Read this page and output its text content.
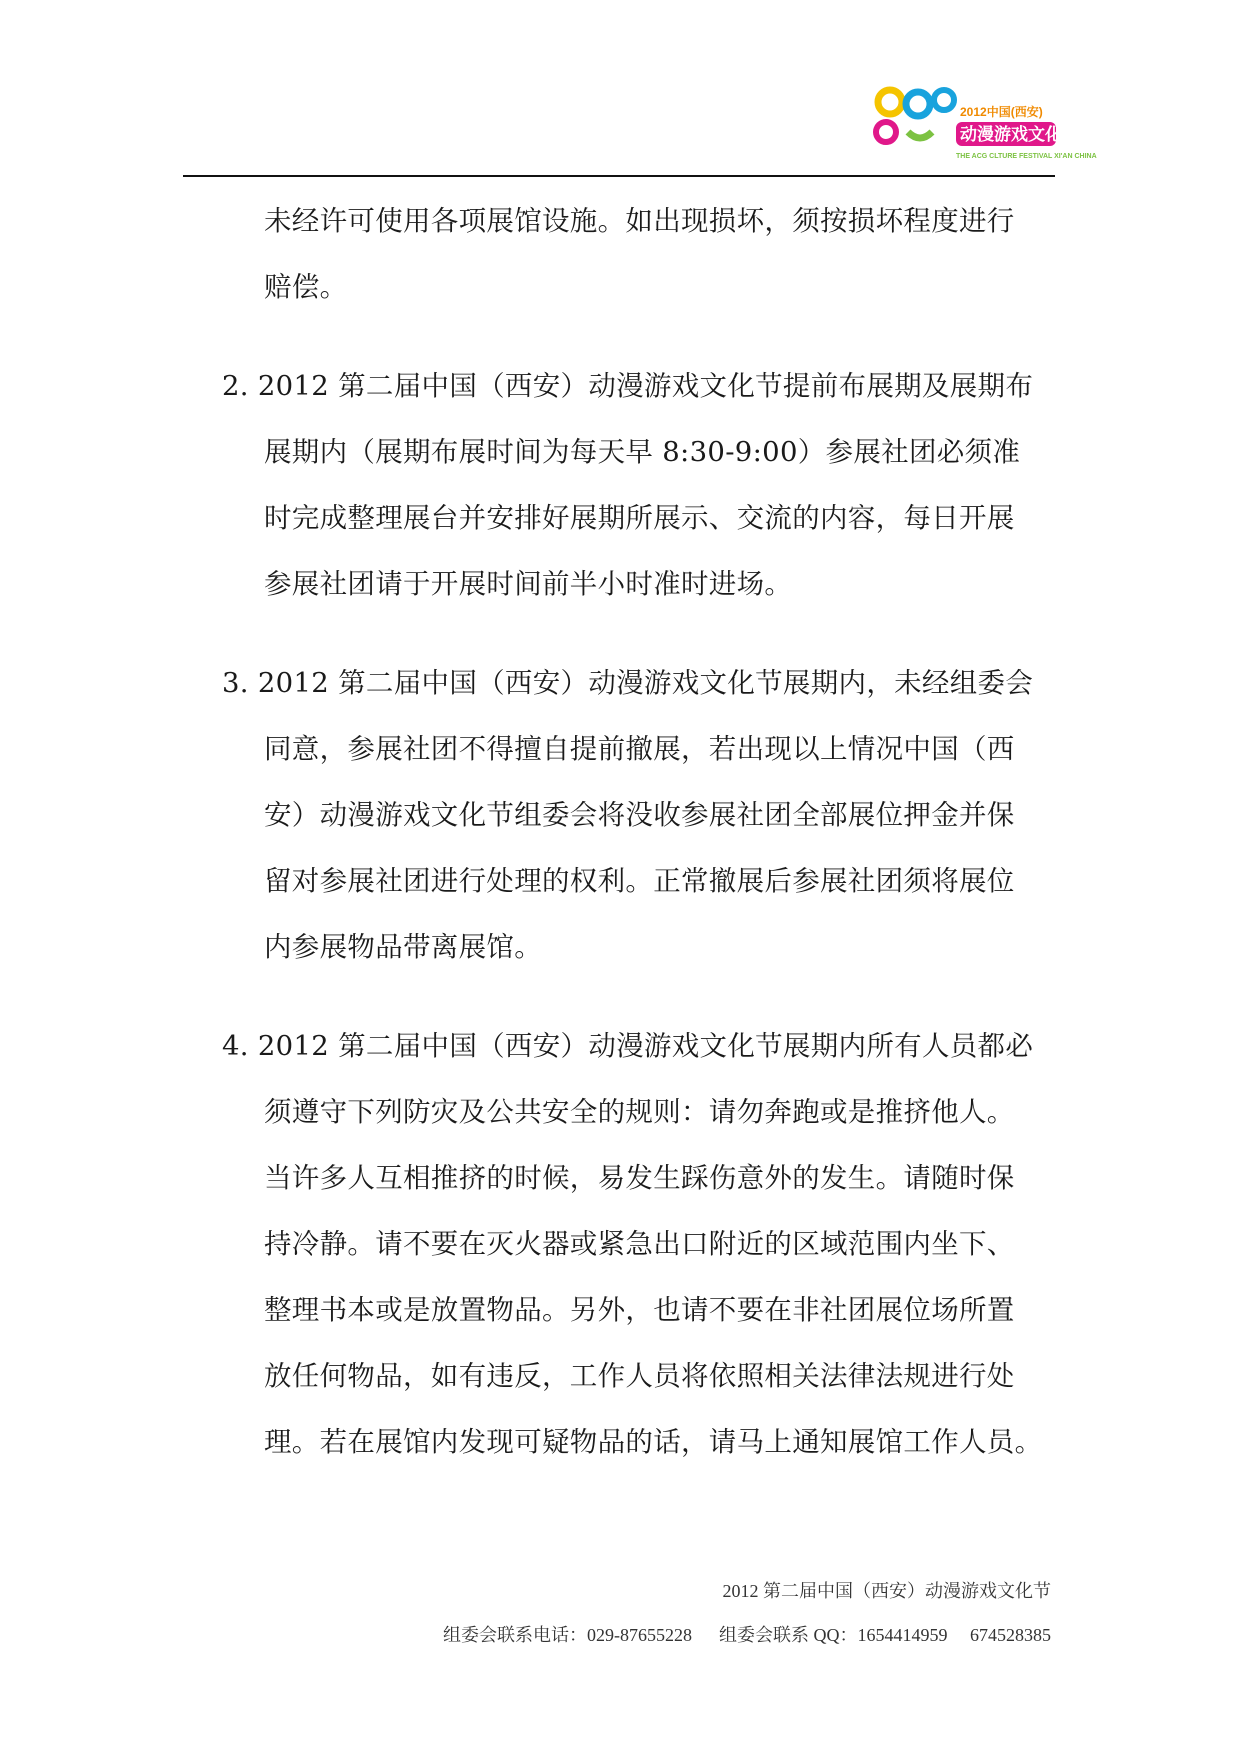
2012中国(西安)
动漫游戏文化节
THE ACG CLTURE FESTIVAL XI'AN CHINA

未经许可使用各项展馆设施。如出现损坏，须按损坏程度进行
赔偿。

2. 2012 第二届中国（西安）动漫游戏文化节提前布展期及展期布
展期内（展期布展时间为每天早 8:30-9:00）参展社团必须准
时完成整理展台并安排好展期所展示、交流的内容，每日开展
参展社团请于开展时间前半小时准时进场。

3. 2012 第二届中国（西安）动漫游戏文化节展期内，未经组委会
同意，参展社团不得擅自提前撤展，若出现以上情况中国（西
安）动漫游戏文化节组委会将没收参展社团全部展位押金并保
留对参展社团进行处理的权利。正常撤展后参展社团须将展位
内参展物品带离展馆。

4. 2012 第二届中国（西安）动漫游戏文化节展期内所有人员都必
须遵守下列防灾及公共安全的规则：请勿奔跑或是推挤他人。
当许多人互相推挤的时候，易发生踩伤意外的发生。请随时保
持冷静。请不要在灭火器或紧急出口附近的区域范围内坐下、
整理书本或是放置物品。另外，也请不要在非社团展位场所置
放任何物品，如有违反，工作人员将依照相关法律法规进行处
理。若在展馆内发现可疑物品的话，请马上通知展馆工作人员。

2012 第二届中国（西安）动漫游戏文化节
组委会联系电话：029-87655228      组委会联系 QQ：1654414959     674528385
